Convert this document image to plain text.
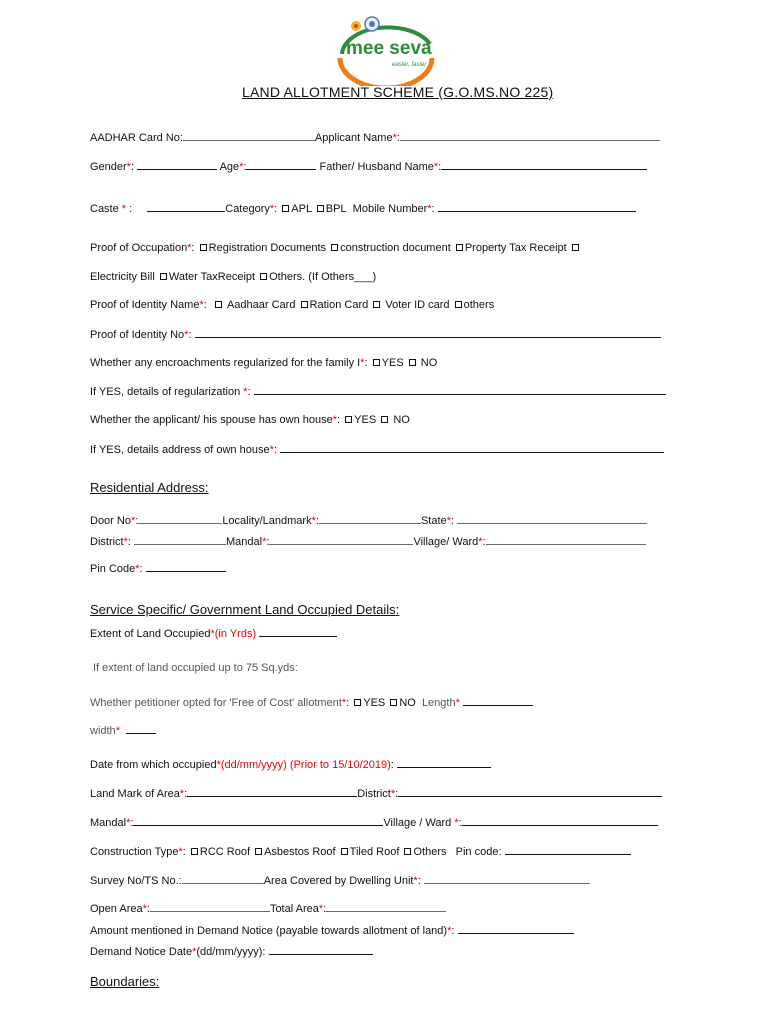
mee seva
easier, faster
LAND ALLOTMENT SCHEME (G.O.MS.NO 225)
AADHAR Card No:	Applicant Name*:
Gender*:	Age*:	Father/ Husband Name*:
Caste * :	Category*: APL BPL Mobile Number*:
Proof of Occupation*: Registration Documents construction document Property Tax Receipt
Electricity Bill Water TaxReceipt Others. (If Others___)
Proof of Identity Name*:   Aadhaar Card Ration Card Voter ID card others
Proof of Identity No*:
Whether any encroachments regularized for the family I*: YES NO
If YES, details of regularization *:
Whether the applicant/ his spouse has own house*: YES NO
If YES, details address of own house*:
Residential Address:
Door No*:	Locality/Landmark*:	State*:
District*:	Mandal*:	Village/ Ward*:
Pin Code*:
Service Specific/ Government Land Occupied Details:
Extent of Land Occupied*(in Yrds)
If extent of land occupied up to 75 Sq.yds:
Whether petitioner opted for 'Free of Cost' allotment*: YES NO Length*
width*
Date from which occupied*(dd/mm/yyyy) (Prior to 15/10/2019):
Land Mark of Area*:	District*:
Mandal*:	Village / Ward *:
Construction Type*: RCC Roof Asbestos Roof Tiled Roof Others Pin code:
Survey No/TS No.:	Area Covered by Dwelling Unit*:
Open Area*:	Total Area*:
Amount mentioned in Demand Notice (payable towards allotment of land)*:
Demand Notice Date*(dd/mm/yyyy):
Boundaries:
